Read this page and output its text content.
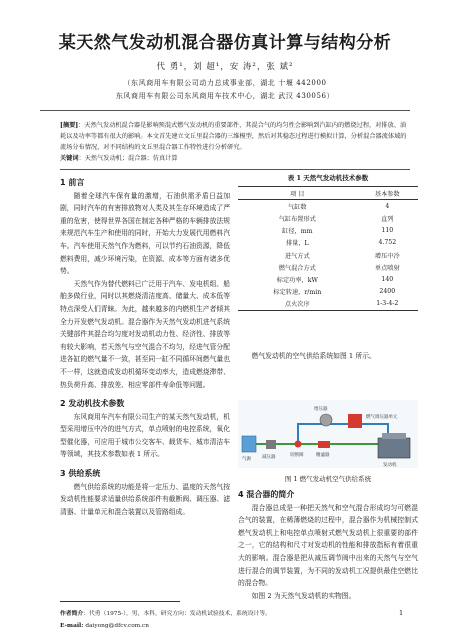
某天然气发动机混合器仿真计算与结构分析
代 勇¹，刘 超¹，安 涛²，张 斌²
（东风商用车有限公司动力总成事业部，湖北 十堰 442000
东风商用车有限公司东风商用车技术中心，湖北 武汉 430056）
[摘要]：天然气发动机混合器是影响预混式燃气发动机的重要部件，其混合气的均匀性会影响到汽缸内的燃烧过程，对排放、油耗以及功率等都有很大的影响。本文首先建立文丘里混合器的三维模型，然后对其稳态过程进行模拟计算，分析混合器流体域的流场分布情况，对不同结构的文丘里混合器工作特性进行分析研究。
关键词：天然气发动机；混合器；仿真计算
1 前言

随着全球汽车保有量的激增，石油供需矛盾日益加剧，同时汽车的有害排放物对人类及其生存环境造成了严重的危害，使得世界各国在制定各种严格的车辆排放法规来规范汽车生产和使用的同时，开始大力发展代用燃料汽车。汽车使用天然气作为燃料，可以节约石油资源，降低燃料费用，减少环境污染，在资源、成本等方面有诸多优势。

天然气作为替代燃料已广泛用于汽车、发电机组、船舶多做行业，同时以其燃烧清洁度高、储量大、成本低等特点深受人们青睐。为此，越来越多的内燃机生产者倾其全力开发燃气发动机。混合器作为天然气发动机进气系统关键部件其混合均匀度对发动机动力性、经济性、排放等有较大影响，若天然气与空气混合不均匀，经进气管分配进各缸的燃气量不一致，甚至同一缸不同循环间燃气量也不一样，这就造成发动机循环变动率大，造成燃烧滞带、热负荷升高、排放差、相应零部件寿命低等问题。

2 发动机技术参数

东风商用车汽车有限公司生产的某天然气发动机，机型采用增压中冷的进气方式，单点喷射的电控系统，氧化型催化器，可应用于城市公交客车、载货车、城市清洁车等领域，其技术参数如表 1 所示。

3 供给系统

燃气供给系统的功能是将一定压力、温度的天然气按发动机性能要求适量供给系统部件有截断阀、调压器、滤清器、计量单元和混合装置以及管路组成。

表 1 天然气发动机技术参数
项 目	基本参数
气缸数	4
气缸布置形式	直列
缸径，mm	110
排量，L	4.752
进气方式	增压中冷
燃气混合方式	单点喷射
标定功率，kW	140
标定转速，r/min	2400
点火次序	1-3-4-2

燃气发动机的空气供给系统如图 1 所示。

增压器
燃气调压器单元
气源 减压器	切断阀	精滤器
发动机
图 1 燃气发动机空气供给系统
4 混合器的简介

混合器总成是一种把天然气和空气混合形成均匀可燃混合气的装置，在稀薄燃烧的过程中，混合器作为机械控制式燃气发动机上和电控单点喷射式燃气发动机上很重要的部件之一，它的结构和尺寸对发动机的性能和排放指标有着很重大的影响。混合器是把从减压调节阀中出来的天然气与空气进行混合的调节装置，为不同的发动机工况提供最佳空燃比的混合物。

如图 2 为天然气发动机的实物图。

作者简介：代勇（1975-），男，本科，研究方向：发动机试验技术，系统设计等。
E-mail: daiyong@dfcv.com.cn
1
